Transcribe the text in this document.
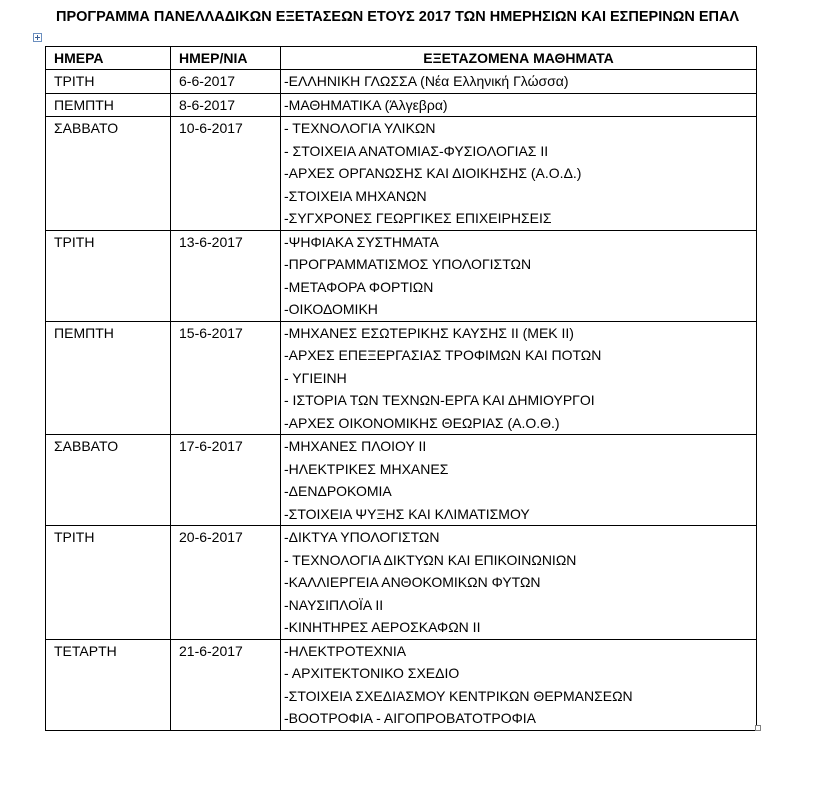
ΠΡΟΓΡΑΜΜΑ ΠΑΝΕΛΛΑΔΙΚΩΝ ΕΞΕΤΑΣΕΩΝ ΕΤΟΥΣ 2017 ΤΩΝ ΗΜΕΡΗΣΙΩΝ ΚΑΙ ΕΣΠΕΡΙΝΩΝ ΕΠΑΛ
ΗΜΕΡΑ	ΗΜΕΡ/ΝΙΑ	ΕΞΕΤΑΖΟΜΕΝΑ ΜΑΘΗΜΑΤΑ
ΤΡΙΤΗ	6-6-2017	-ΕΛΛΗΝΙΚΗ ΓΛΩΣΣΑ (Νέα Ελληνική Γλώσσα)

ΠΕΜΠΤΗ	8-6-2017	-ΜΑΘΗΜΑΤΙΚΑ (Άλγεβρα)

ΣΑΒΒΑΤΟ	10-6-2017	- ΤΕΧΝΟΛΟΓΙΑ ΥΛΙΚΩΝ
- ΣΤΟΙΧΕΙΑ ΑΝΑΤΟΜΙΑΣ-ΦΥΣΙΟΛΟΓΙΑΣ ΙΙ
-ΑΡΧΕΣ ΟΡΓΑΝΩΣΗΣ ΚΑΙ ΔΙΟΙΚΗΣΗΣ (Α.Ο.Δ.)
-ΣΤΟΙΧΕΙΑ ΜΗΧΑΝΩΝ
-ΣΥΓΧΡΟΝΕΣ ΓΕΩΡΓΙΚΕΣ ΕΠΙΧΕΙΡΗΣΕΙΣ

ΤΡΙΤΗ	13-6-2017	-ΨΗΦΙΑΚΑ ΣΥΣΤΗΜΑΤΑ
-ΠΡΟΓΡΑΜΜΑΤΙΣΜΟΣ ΥΠΟΛΟΓΙΣΤΩΝ
-ΜΕΤΑΦΟΡΑ ΦΟΡΤΙΩΝ
-ΟΙΚΟΔΟΜΙΚΗ

ΠΕΜΠΤΗ	15-6-2017	-ΜΗΧΑΝΕΣ ΕΣΩΤΕΡΙΚΗΣ ΚΑΥΣΗΣ ΙΙ (ΜΕΚ ΙΙ)
-ΑΡΧΕΣ ΕΠΕΞΕΡΓΑΣΙΑΣ ΤΡΟΦΙΜΩΝ ΚΑΙ ΠΟΤΩΝ
- ΥΓΙΕΙΝΗ
- ΙΣΤΟΡΙΑ ΤΩΝ ΤΕΧΝΩΝ-ΕΡΓΑ ΚΑΙ ΔΗΜΙΟΥΡΓΟΙ
-ΑΡΧΕΣ ΟΙΚΟΝΟΜΙΚΗΣ ΘΕΩΡΙΑΣ (Α.Ο.Θ.)

ΣΑΒΒΑΤΟ	17-6-2017	-ΜΗΧΑΝΕΣ ΠΛΟΙΟΥ ΙΙ
-ΗΛΕΚΤΡΙΚΕΣ ΜΗΧΑΝΕΣ
-ΔΕΝΔΡΟΚΟΜΙΑ
-ΣΤΟΙΧΕΙΑ ΨΥΞΗΣ ΚΑΙ ΚΛΙΜΑΤΙΣΜΟΥ

ΤΡΙΤΗ	20-6-2017	-ΔΙΚΤΥΑ ΥΠΟΛΟΓΙΣΤΩΝ
- ΤΕΧΝΟΛΟΓΙΑ ΔΙΚΤΥΩΝ ΚΑΙ ΕΠΙΚΟΙΝΩΝΙΩΝ
-ΚΑΛΛΙΕΡΓΕΙΑ ΑΝΘΟΚΟΜΙΚΩΝ ΦΥΤΩΝ
-ΝΑΥΣΙΠΛΟΪΑ ΙΙ
-ΚΙΝΗΤΗΡΕΣ ΑΕΡΟΣΚΑΦΩΝ ΙΙ

ΤΕΤΑΡΤΗ	21-6-2017	-ΗΛΕΚΤΡΟΤΕΧΝΙΑ
- ΑΡΧΙΤΕΚΤΟΝΙΚΟ ΣΧΕΔΙΟ
-ΣΤΟΙΧΕΙΑ ΣΧΕΔΙΑΣΜΟΥ ΚΕΝΤΡΙΚΩΝ ΘΕΡΜΑΝΣΕΩΝ
-ΒΟΟΤΡΟΦΙΑ - ΑΙΓΟΠΡΟΒΑΤΟΤΡΟΦΙΑ
